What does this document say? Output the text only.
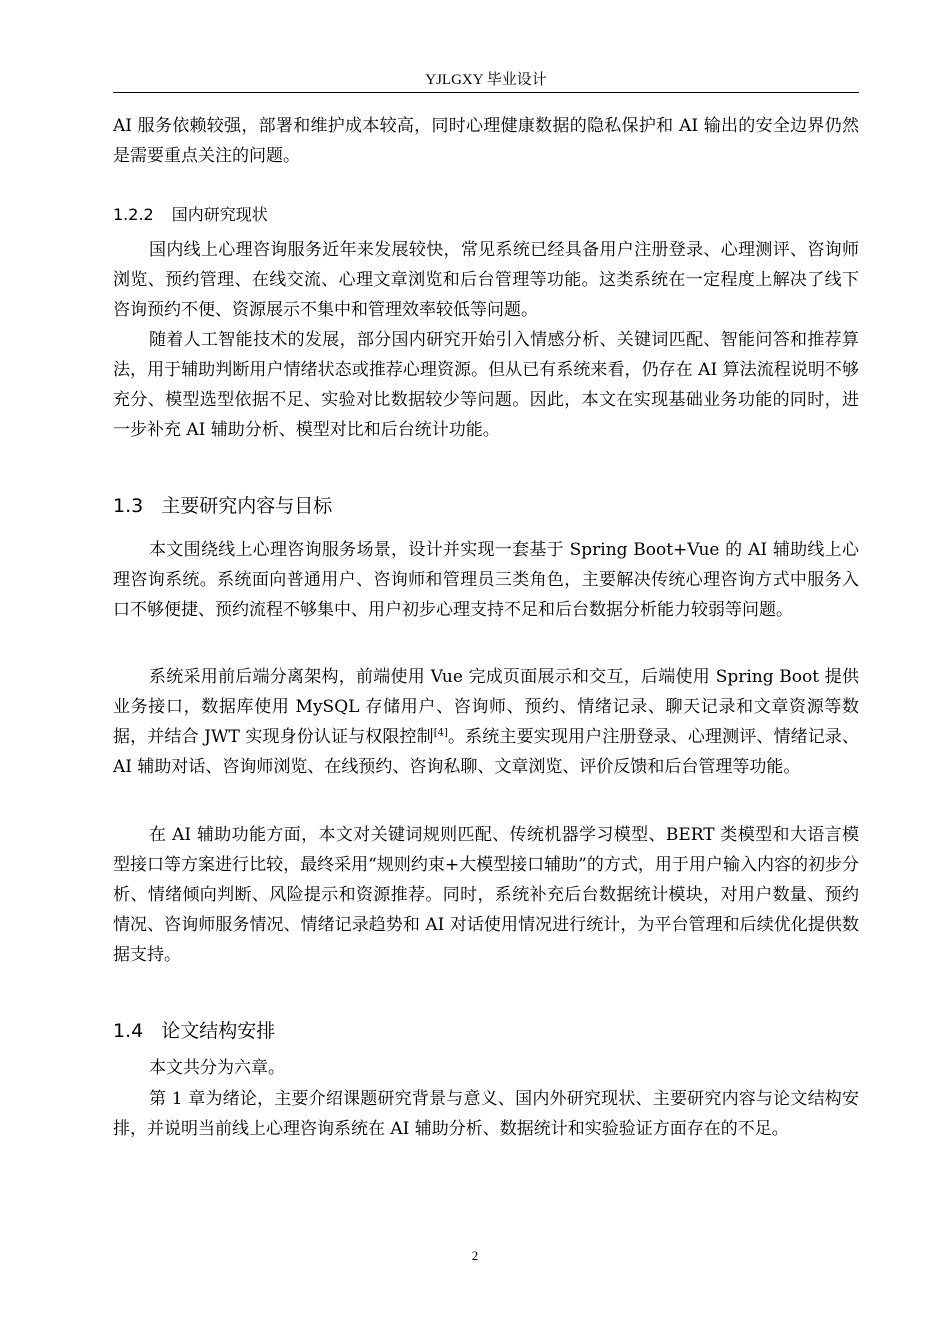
YJLGXY 毕业设计

AI 服务依赖较强，部署和维护成本较高，同时心理健康数据的隐私保护和 AI 输出的安全边界仍然是需要重点关注的问题。

1.2.2 国内研究现状

国内线上心理咨询服务近年来发展较快，常见系统已经具备用户注册登录、心理测评、咨询师浏览、预约管理、在线交流、心理文章浏览和后台管理等功能。这类系统在一定程度上解决了线下咨询预约不便、资源展示不集中和管理效率较低等问题。

随着人工智能技术的发展，部分国内研究开始引入情感分析、关键词匹配、智能问答和推荐算法，用于辅助判断用户情绪状态或推荐心理资源。但从已有系统来看，仍存在 AI 算法流程说明不够充分、模型选型依据不足、实验对比数据较少等问题。因此，本文在实现基础业务功能的同时，进一步补充 AI 辅助分析、模型对比和后台统计功能。

1.3 主要研究内容与目标

本文围绕线上心理咨询服务场景，设计并实现一套基于 Spring Boot+Vue 的 AI 辅助线上心理咨询系统。系统面向普通用户、咨询师和管理员三类角色，主要解决传统心理咨询方式中服务入口不够便捷、预约流程不够集中、用户初步心理支持不足和后台数据分析能力较弱等问题。

系统采用前后端分离架构，前端使用 Vue 完成页面展示和交互，后端使用 Spring Boot 提供业务接口，数据库使用 MySQL 存储用户、咨询师、预约、情绪记录、聊天记录和文章资源等数据，并结合 JWT 实现身份认证与权限控制[4]。系统主要实现用户注册登录、心理测评、情绪记录、AI 辅助对话、咨询师浏览、在线预约、咨询私聊、文章浏览、评价反馈和后台管理等功能。

在 AI 辅助功能方面，本文对关键词规则匹配、传统机器学习模型、BERT 类模型和大语言模型接口等方案进行比较，最终采用“规则约束+大模型接口辅助”的方式，用于用户输入内容的初步分析、情绪倾向判断、风险提示和资源推荐。同时，系统补充后台数据统计模块，对用户数量、预约情况、咨询师服务情况、情绪记录趋势和 AI 对话使用情况进行统计，为平台管理和后续优化提供数据支持。

1.4 论文结构安排

本文共分为六章。

第 1 章为绪论，主要介绍课题研究背景与意义、国内外研究现状、主要研究内容与论文结构安排，并说明当前线上心理咨询系统在 AI 辅助分析、数据统计和实验验证方面存在的不足。

2
